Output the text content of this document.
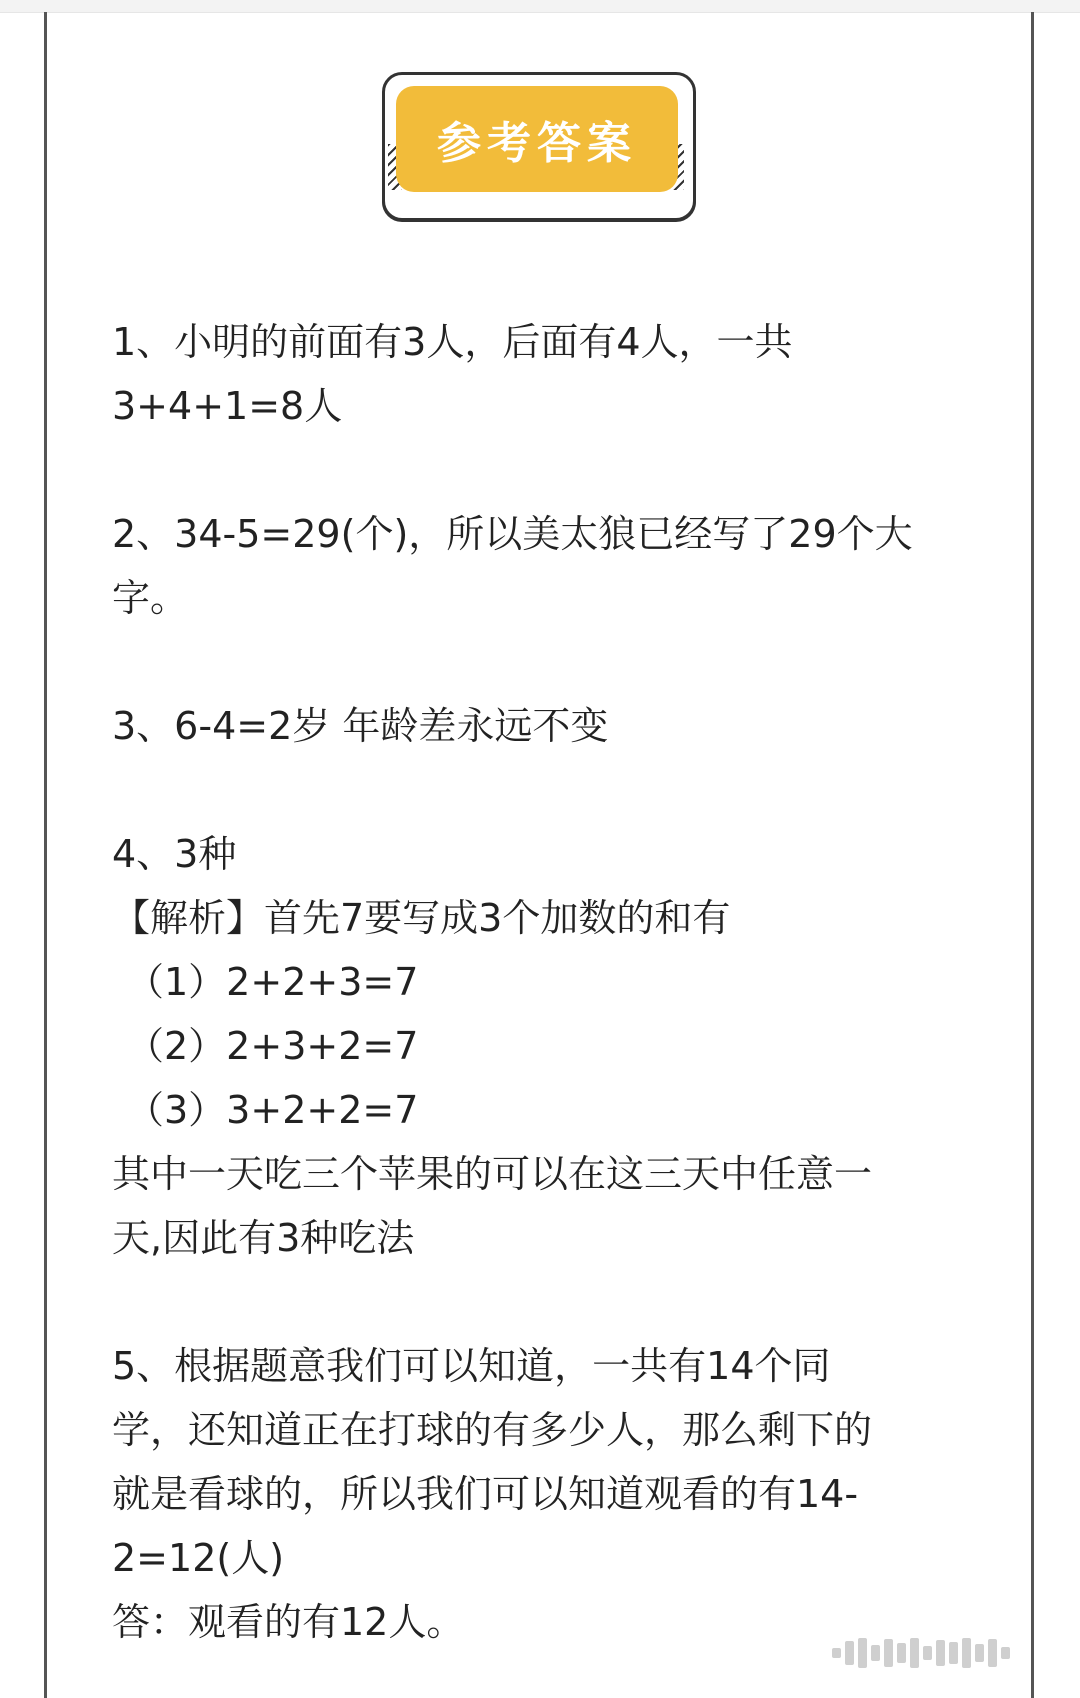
参考答案

1、小明的前面有3人，后面有4人，一共

3+4+1=8人

2、34-5=29(个)，所以美太狼已经写了29个大

字。

3、6-4=2岁 年龄差永远不变

4、3种

【解析】首先7要写成3个加数的和有

（1）2+2+3=7

（2）2+3+2=7

（3）3+2+2=7

其中一天吃三个苹果的可以在这三天中任意一

天,因此有3种吃法

5、根据题意我们可以知道，一共有14个同

学，还知道正在打球的有多少人，那么剩下的

就是看球的，所以我们可以知道观看的有14-

2=12(人)

答：观看的有12人。
